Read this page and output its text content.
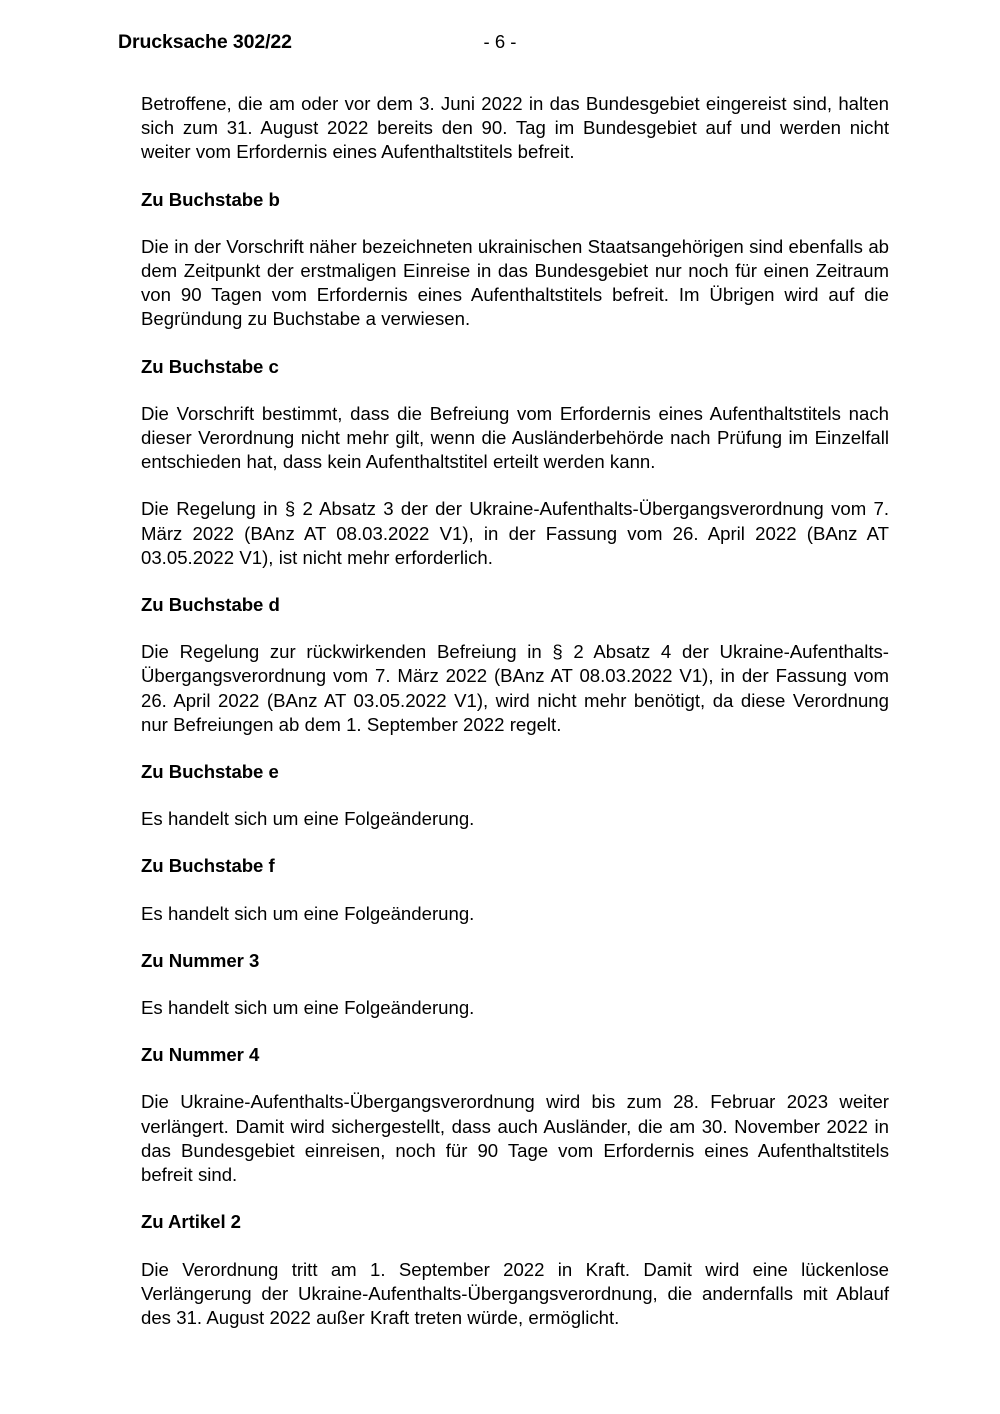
Drucksache 302/22	- 6 -

Betroffene, die am oder vor dem 3. Juni 2022 in das Bundesgebiet eingereist sind, halten sich zum 31. August 2022 bereits den 90. Tag im Bundesgebiet auf und werden nicht weiter vom Erfordernis eines Aufenthaltstitels befreit.

Zu Buchstabe b

Die in der Vorschrift näher bezeichneten ukrainischen Staatsangehörigen sind ebenfalls ab dem Zeitpunkt der erstmaligen Einreise in das Bundesgebiet nur noch für einen Zeitraum von 90 Tagen vom Erfordernis eines Aufenthaltstitels befreit. Im Übrigen wird auf die Begründung zu Buchstabe a verwiesen.

Zu Buchstabe c

Die Vorschrift bestimmt, dass die Befreiung vom Erfordernis eines Aufenthaltstitels nach dieser Verordnung nicht mehr gilt, wenn die Ausländerbehörde nach Prüfung im Einzelfall entschieden hat, dass kein Aufenthaltstitel erteilt werden kann.

Die Regelung in § 2 Absatz 3 der der Ukraine-Aufenthalts-Übergangsverordnung vom 7. März 2022 (BAnz AT 08.03.2022 V1), in der Fassung vom 26. April 2022 (BAnz AT 03.05.2022 V1), ist nicht mehr erforderlich.

Zu Buchstabe d

Die Regelung zur rückwirkenden Befreiung in § 2 Absatz 4 der Ukraine-Aufenthalts-Übergangsverordnung vom 7. März 2022 (BAnz AT 08.03.2022 V1), in der Fassung vom 26. April 2022 (BAnz AT 03.05.2022 V1), wird nicht mehr benötigt, da diese Verordnung nur Befreiungen ab dem 1. September 2022 regelt.

Zu Buchstabe e

Es handelt sich um eine Folgeänderung.

Zu Buchstabe f

Es handelt sich um eine Folgeänderung.

Zu Nummer 3

Es handelt sich um eine Folgeänderung.

Zu Nummer 4

Die Ukraine-Aufenthalts-Übergangsverordnung wird bis zum 28. Februar 2023 weiter verlängert. Damit wird sichergestellt, dass auch Ausländer, die am 30. November 2022 in das Bundesgebiet einreisen, noch für 90 Tage vom Erfordernis eines Aufenthaltstitels befreit sind.

Zu Artikel 2

Die Verordnung tritt am 1. September 2022 in Kraft. Damit wird eine lückenlose Verlängerung der Ukraine-Aufenthalts-Übergangsverordnung, die andernfalls mit Ablauf des 31. August 2022 außer Kraft treten würde, ermöglicht.
